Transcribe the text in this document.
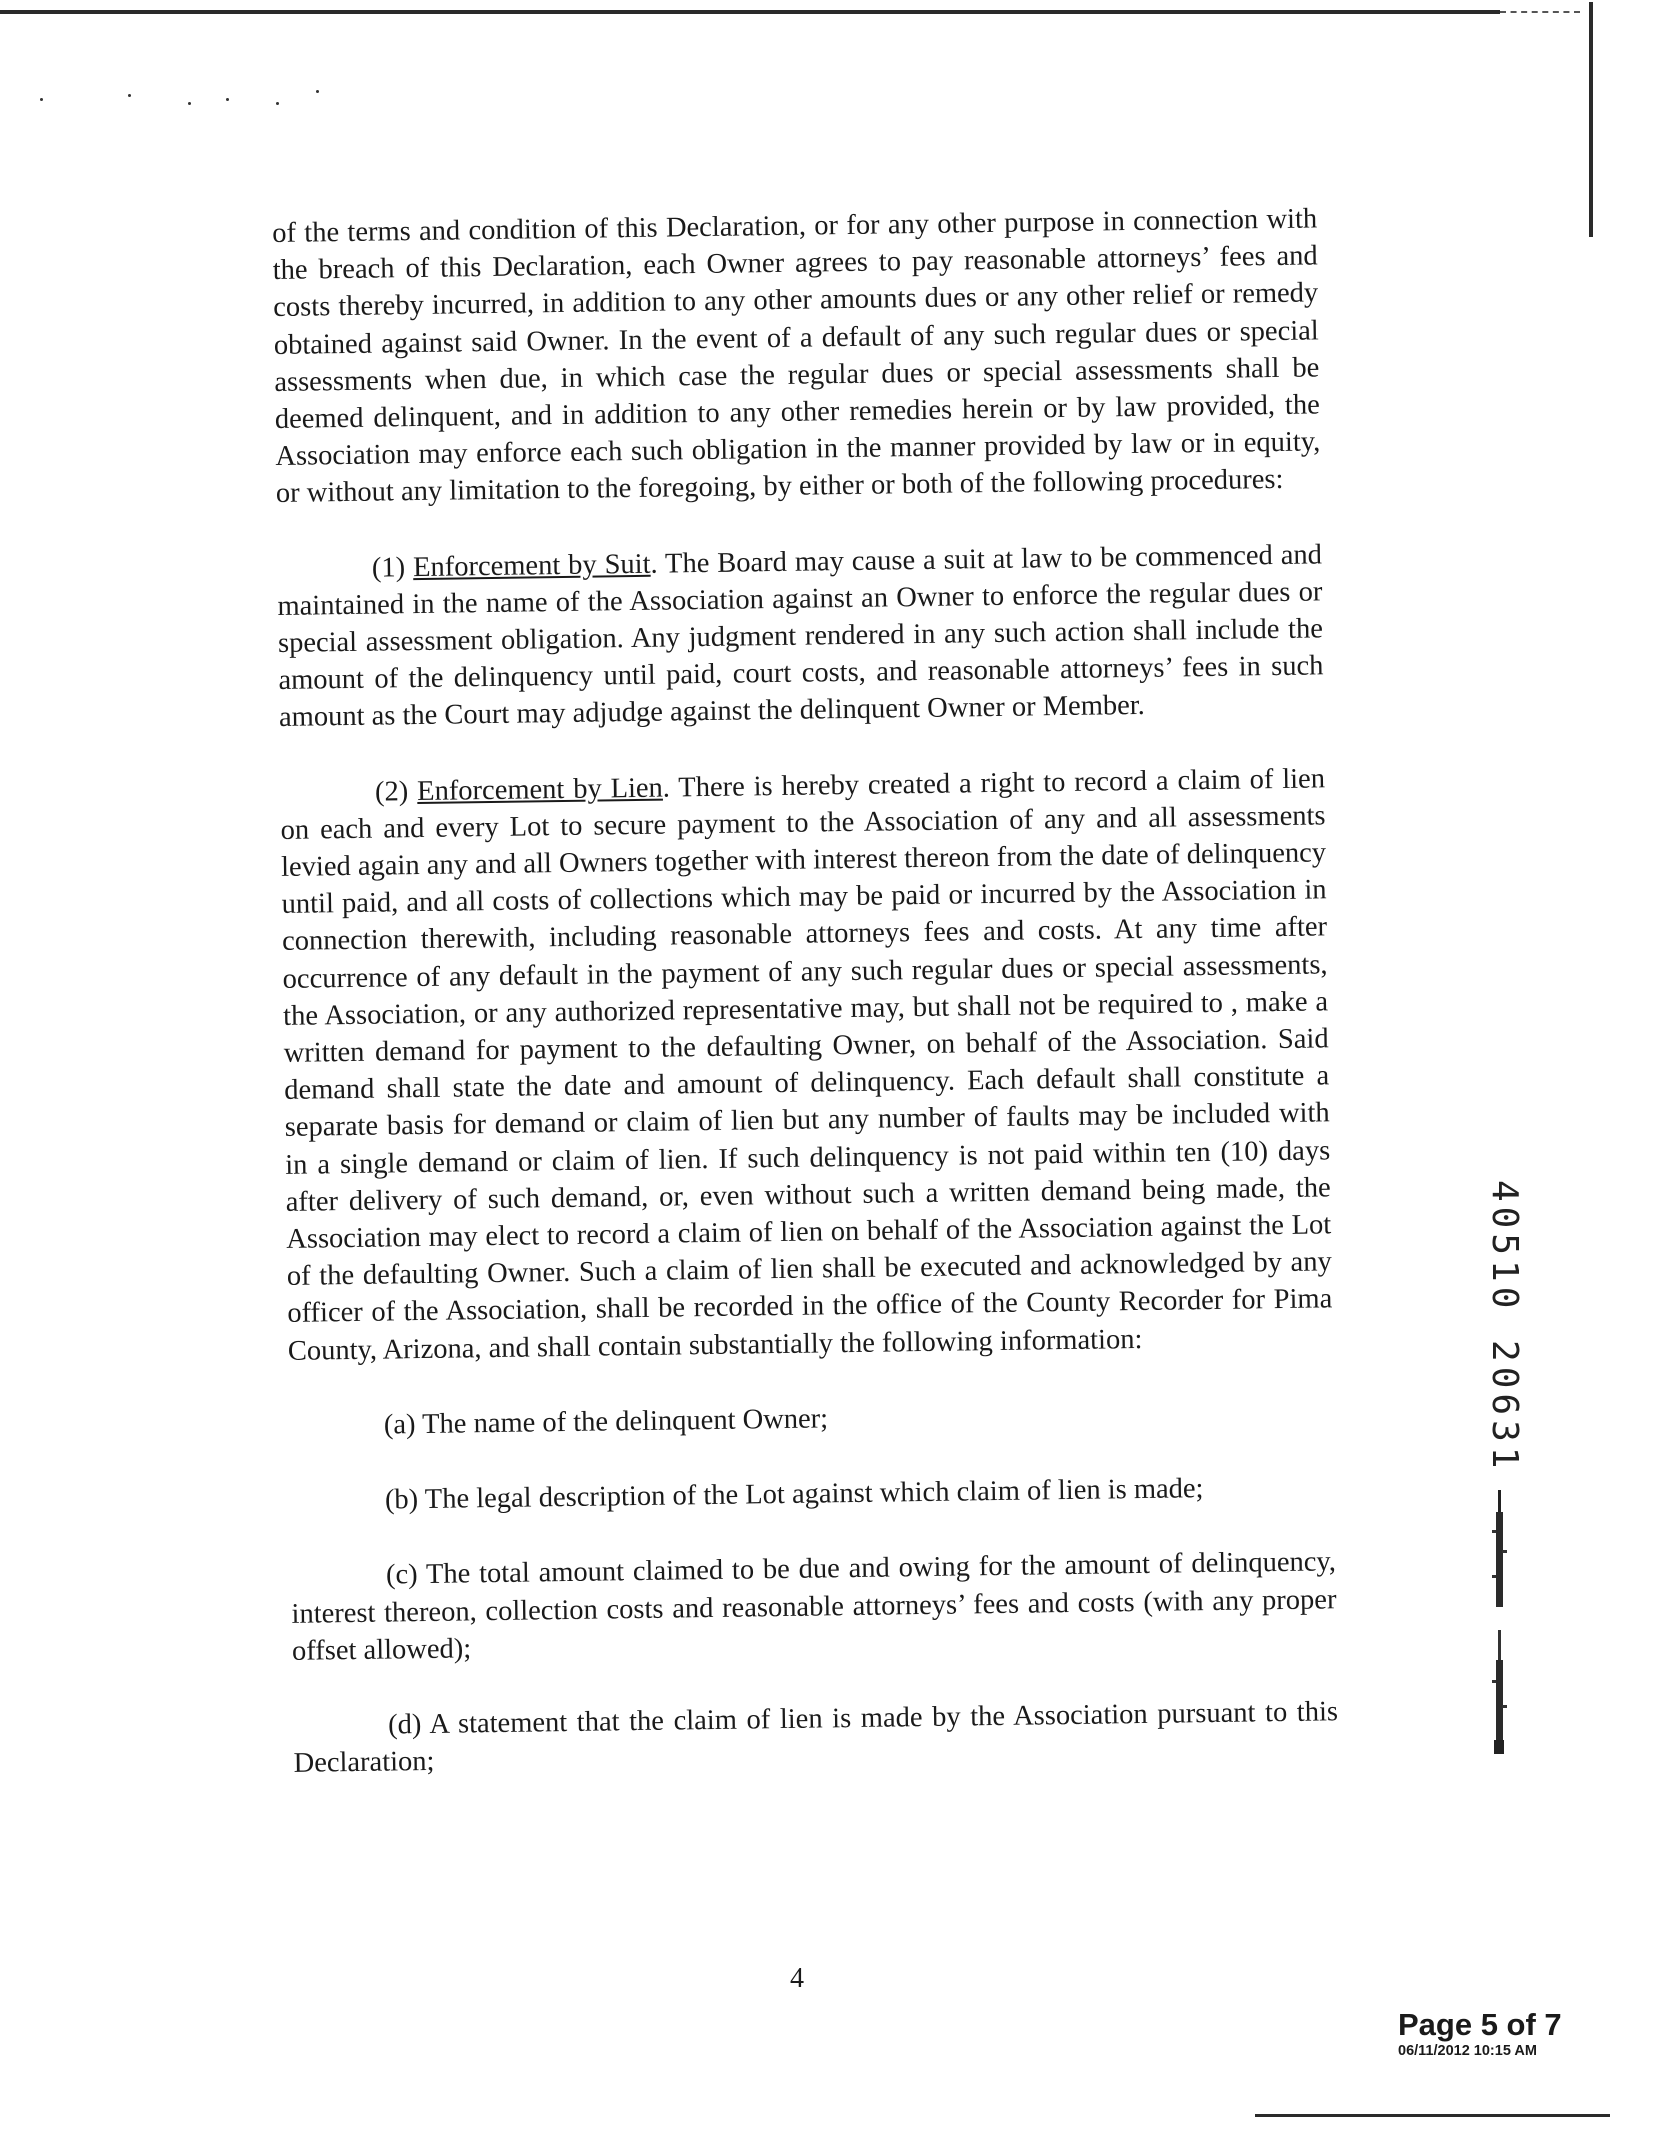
of the terms and condition of this Declaration, or for any other purpose in connection with the breach of this Declaration, each Owner agrees to pay reasonable attorneys’ fees and costs thereby incurred, in addition to any other amounts dues or any other relief or remedy obtained against said Owner. In the event of a default of any such regular dues or special assessments when due, in which case the regular dues or special assessments shall be deemed delinquent, and in addition to any other remedies herein or by law provided, the Association may enforce each such obligation in the manner provided by law or in equity, or without any limitation to the foregoing, by either or both of the following procedures:

(1) Enforcement by Suit. The Board may cause a suit at law to be commenced and maintained in the name of the Association against an Owner to enforce the regular dues or special assessment obligation. Any judgment rendered in any such action shall include the amount of the delinquency until paid, court costs, and reasonable attorneys’ fees in such amount as the Court may adjudge against the delinquent Owner or Member.

(2) Enforcement by Lien. There is hereby created a right to record a claim of lien on each and every Lot to secure payment to the Association of any and all assessments levied again any and all Owners together with interest thereon from the date of delinquency until paid, and all costs of collections which may be paid or incurred by the Association in connection therewith, including reasonable attorneys fees and costs. At any time after occurrence of any default in the payment of any such regular dues or special assessments, the Association, or any authorized representative may, but shall not be required to , make a written demand for payment to the defaulting Owner, on behalf of the Association. Said demand shall state the date and amount of delinquency. Each default shall constitute a separate basis for demand or claim of lien but any number of faults may be included with in a single demand or claim of lien. If such delinquency is not paid within ten (10) days after delivery of such demand, or, even without such a written demand being made, the Association may elect to record a claim of lien on behalf of the Association against the Lot of the defaulting Owner. Such a claim of lien shall be executed and acknowledged by any officer of the Association, shall be recorded in the office of the County Recorder for Pima County, Arizona, and shall contain substantially the following information:

(a) The name of the delinquent Owner;

(b) The legal description of the Lot against which claim of lien is made;

(c) The total amount claimed to be due and owing for the amount of delinquency, interest thereon, collection costs and reasonable attorneys’ fees and costs (with any proper offset allowed);

(d) A statement that the claim of lien is made by the Association pursuant to this Declaration;

4
40510 20631
Page 5 of 7
06/11/2012 10:15 AM
